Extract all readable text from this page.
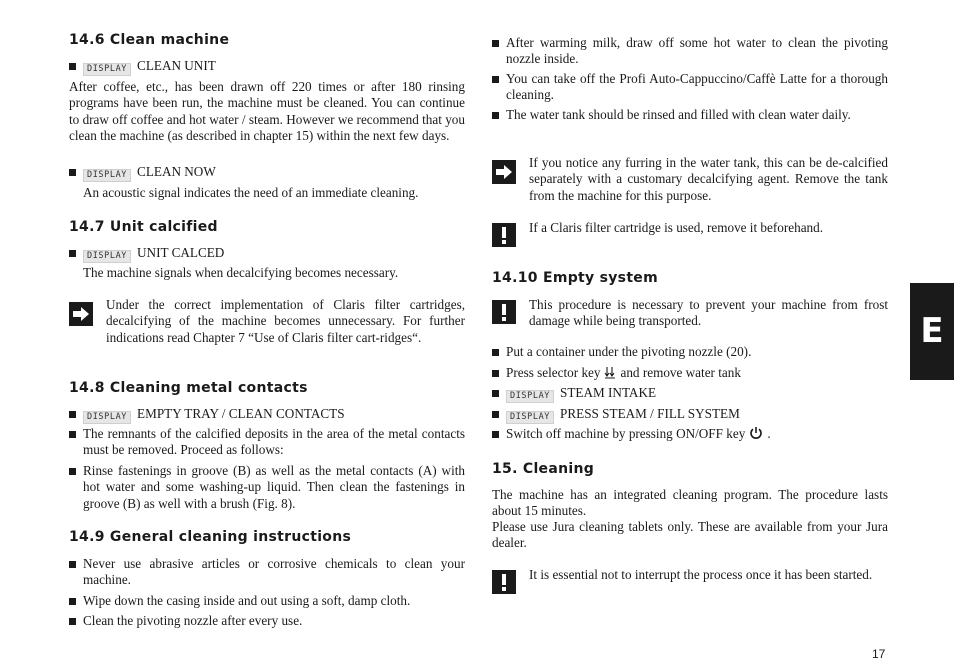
14.6 Clean machine
DISPLAY CLEAN UNIT
After coffee, etc., has been drawn off 220 times or after 180 rinsing programs have been run, the machine must be cleaned. You can continue to draw off coffee and hot water / steam. However we recommend that you clean the machine (as described in chapter 15) within the next few days.
DISPLAY CLEAN NOW
An acoustic signal indicates the need of an immediate cleaning.
14.7 Unit calcified
DISPLAY UNIT CALCED
The machine signals when decalcifying becomes necessary.
Under the correct implementation of Claris filter cartridges, decalcifying of the machine becomes unnecessary. For further indications read Chapter 7 “Use of Claris filter cart-ridges“.
14.8 Cleaning metal contacts
DISPLAY EMPTY TRAY / CLEAN CONTACTS
The remnants of the calcified deposits in the area of the metal contacts must be removed. Proceed as follows:
Rinse fastenings in groove (B) as well as the metal contacts (A) with hot water and some washing-up liquid. Then clean the fastenings in groove (B) as well with a brush (Fig. 8).
14.9 General cleaning instructions
Never use abrasive articles or corrosive chemicals to clean your machine.
Wipe down the casing inside and out using a soft, damp cloth.
Clean the pivoting nozzle after every use.
After warming milk, draw off some hot water to clean the pivoting nozzle inside.
You can take off the Profi Auto-Cappuccino/Caffè Latte for a thorough cleaning.
The water tank should be rinsed and filled with clean water daily.
If you notice any furring in the water tank, this can be de-calcified separately with a customary decalcifying agent. Remove the tank from the machine for this purpose.
If a Claris filter cartridge is used, remove it beforehand.
14.10 Empty system
This procedure is necessary to prevent your machine from frost damage while being transported.
Put a container under the pivoting nozzle (20).
Press selector key and remove water tank
DISPLAY STEAM INTAKE
DISPLAY PRESS STEAM / FILL SYSTEM
Switch off machine by pressing ON/OFF key .
15. Cleaning
The machine has an integrated cleaning program. The procedure lasts about 15 minutes.
Please use Jura cleaning tablets only. These are available from your Jura dealer.
It is essential not to interrupt the process once it has been started.
E
17
